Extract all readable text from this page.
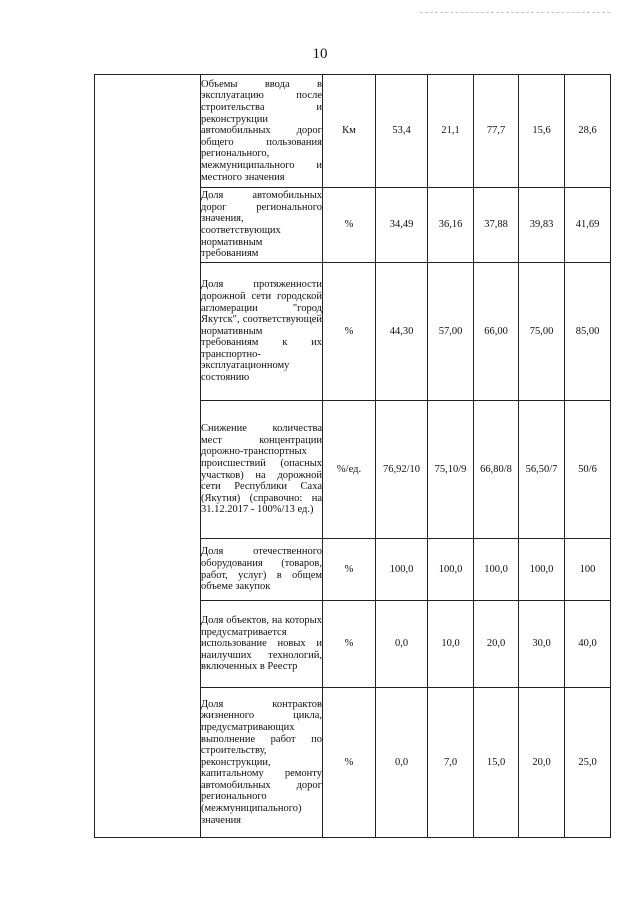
10
	Объемы ввода в эксплуатацию после строительства и реконструкции автомобильных дорог общего пользования регионального, межмуниципального и местного значения	Км	53,4	21,1	77,7	15,6	28,6
	Доля автомобильных дорог регионального значения, соответствующих нормативным требованиям	%	34,49	36,16	37,88	39,83	41,69
	Доля протяженности дорожной сети городской агломерации "город Якутск", соответствующей нормативным требованиям к их транспортно-эксплуатационному состоянию	%	44,30	57,00	66,00	75,00	85,00
	Снижение количества мест концентрации дорожно-транспортных происшествий (опасных участков) на дорожной сети Республики Саха (Якутия) (справочно: на 31.12.2017 - 100%/13 ед.)	%/ед.	76,92/10	75,10/9	66,80/8	56,50/7	50/6
	Доля отечественного оборудования (товаров, работ, услуг) в общем объеме закупок	%	100,0	100,0	100,0	100,0	100
	Доля объектов, на которых предусматривается использование новых и наилучших технологий, включенных в Реестр	%	0,0	10,0	20,0	30,0	40,0
	Доля контрактов жизненного цикла, предусматривающих выполнение работ по строительству, реконструкции, капитальному ремонту автомобильных дорог регионального (межмуниципального) значения	%	0,0	7,0	15,0	20,0	25,0
